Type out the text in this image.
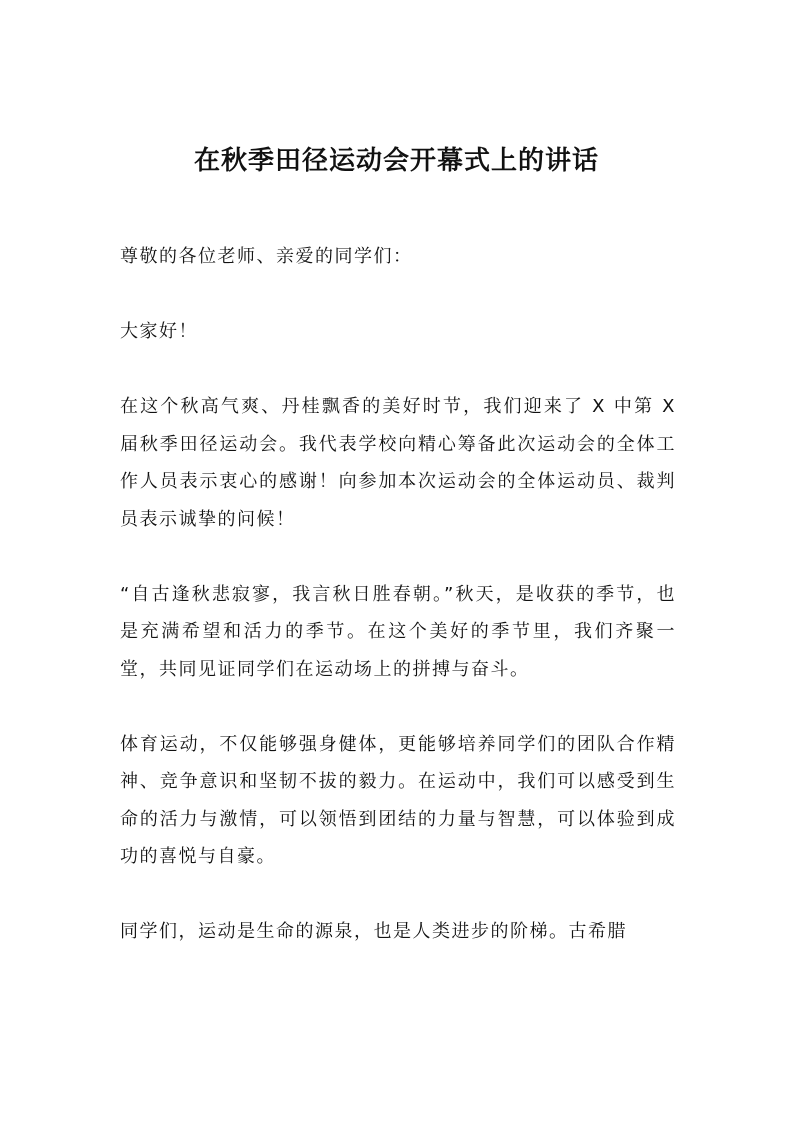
在秋季田径运动会开幕式上的讲话

尊敬的各位老师、亲爱的同学们：

大家好！

在这个秋高气爽、丹桂飘香的美好时节，我们迎来了 X 中第 X 届秋季田径运动会。我代表学校向精心筹备此次运动会的全体工作人员表示衷心的感谢！向参加本次运动会的全体运动员、裁判员表示诚挚的问候！

“自古逢秋悲寂寥，我言秋日胜春朝。”秋天，是收获的季节，也是充满希望和活力的季节。在这个美好的季节里，我们齐聚一堂，共同见证同学们在运动场上的拼搏与奋斗。

体育运动，不仅能够强身健体，更能够培养同学们的团队合作精神、竞争意识和坚韧不拔的毅力。在运动中，我们可以感受到生命的活力与激情，可以领悟到团结的力量与智慧，可以体验到成功的喜悦与自豪。

同学们，运动是生命的源泉，也是人类进步的阶梯。古希腊
